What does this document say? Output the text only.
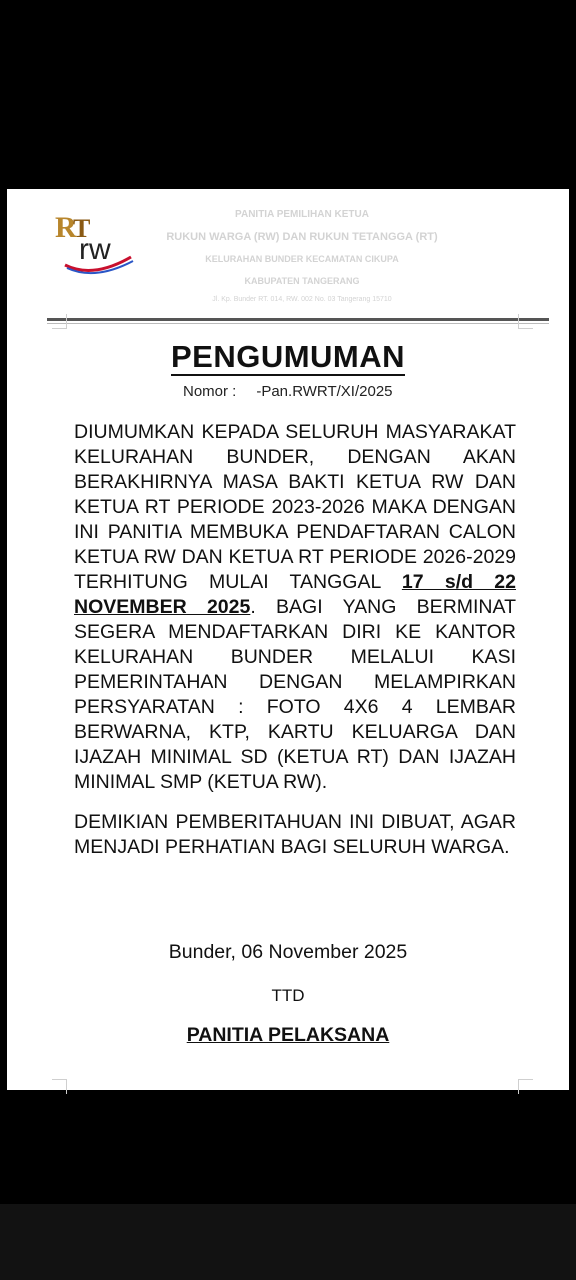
R
T
rw
PANITIA PEMILIHAN KETUA
RUKUN WARGA (RW) DAN RUKUN TETANGGA (RT)
KELURAHAN BUNDER KECAMATAN CIKUPA
KABUPATEN TANGERANG
Jl. Kp. Bunder RT. 014, RW. 002 No. 03 Tangerang 15710
PENGUMUMAN
Nomor : -Pan.RWRT/XI/2025

DIUMUMKAN KEPADA SELURUH MASYARAKAT KELURAHAN BUNDER, DENGAN AKAN BERAKHIRNYA MASA BAKTI KETUA RW DAN KETUA RT PERIODE 2023-2026 MAKA DENGAN INI PANITIA MEMBUKA PENDAFTARAN CALON KETUA RW DAN KETUA RT PERIODE 2026-2029 TERHITUNG MULAI TANGGAL 17 s/d 22 NOVEMBER 2025. BAGI YANG BERMINAT SEGERA MENDAFTARKAN DIRI KE KANTOR KELURAHAN BUNDER MELALUI KASI PEMERINTAHAN DENGAN MELAMPIRKAN PERSYARATAN : FOTO 4X6 4 LEMBAR BERWARNA, KTP, KARTU KELUARGA DAN IJAZAH MINIMAL SD (KETUA RT) DAN IJAZAH MINIMAL SMP (KETUA RW).

DEMIKIAN PEMBERITAHUAN INI DIBUAT, AGAR MENJADI PERHATIAN BAGI SELURUH WARGA.

Bunder, 06 November 2025
TTD
PANITIA PELAKSANA
